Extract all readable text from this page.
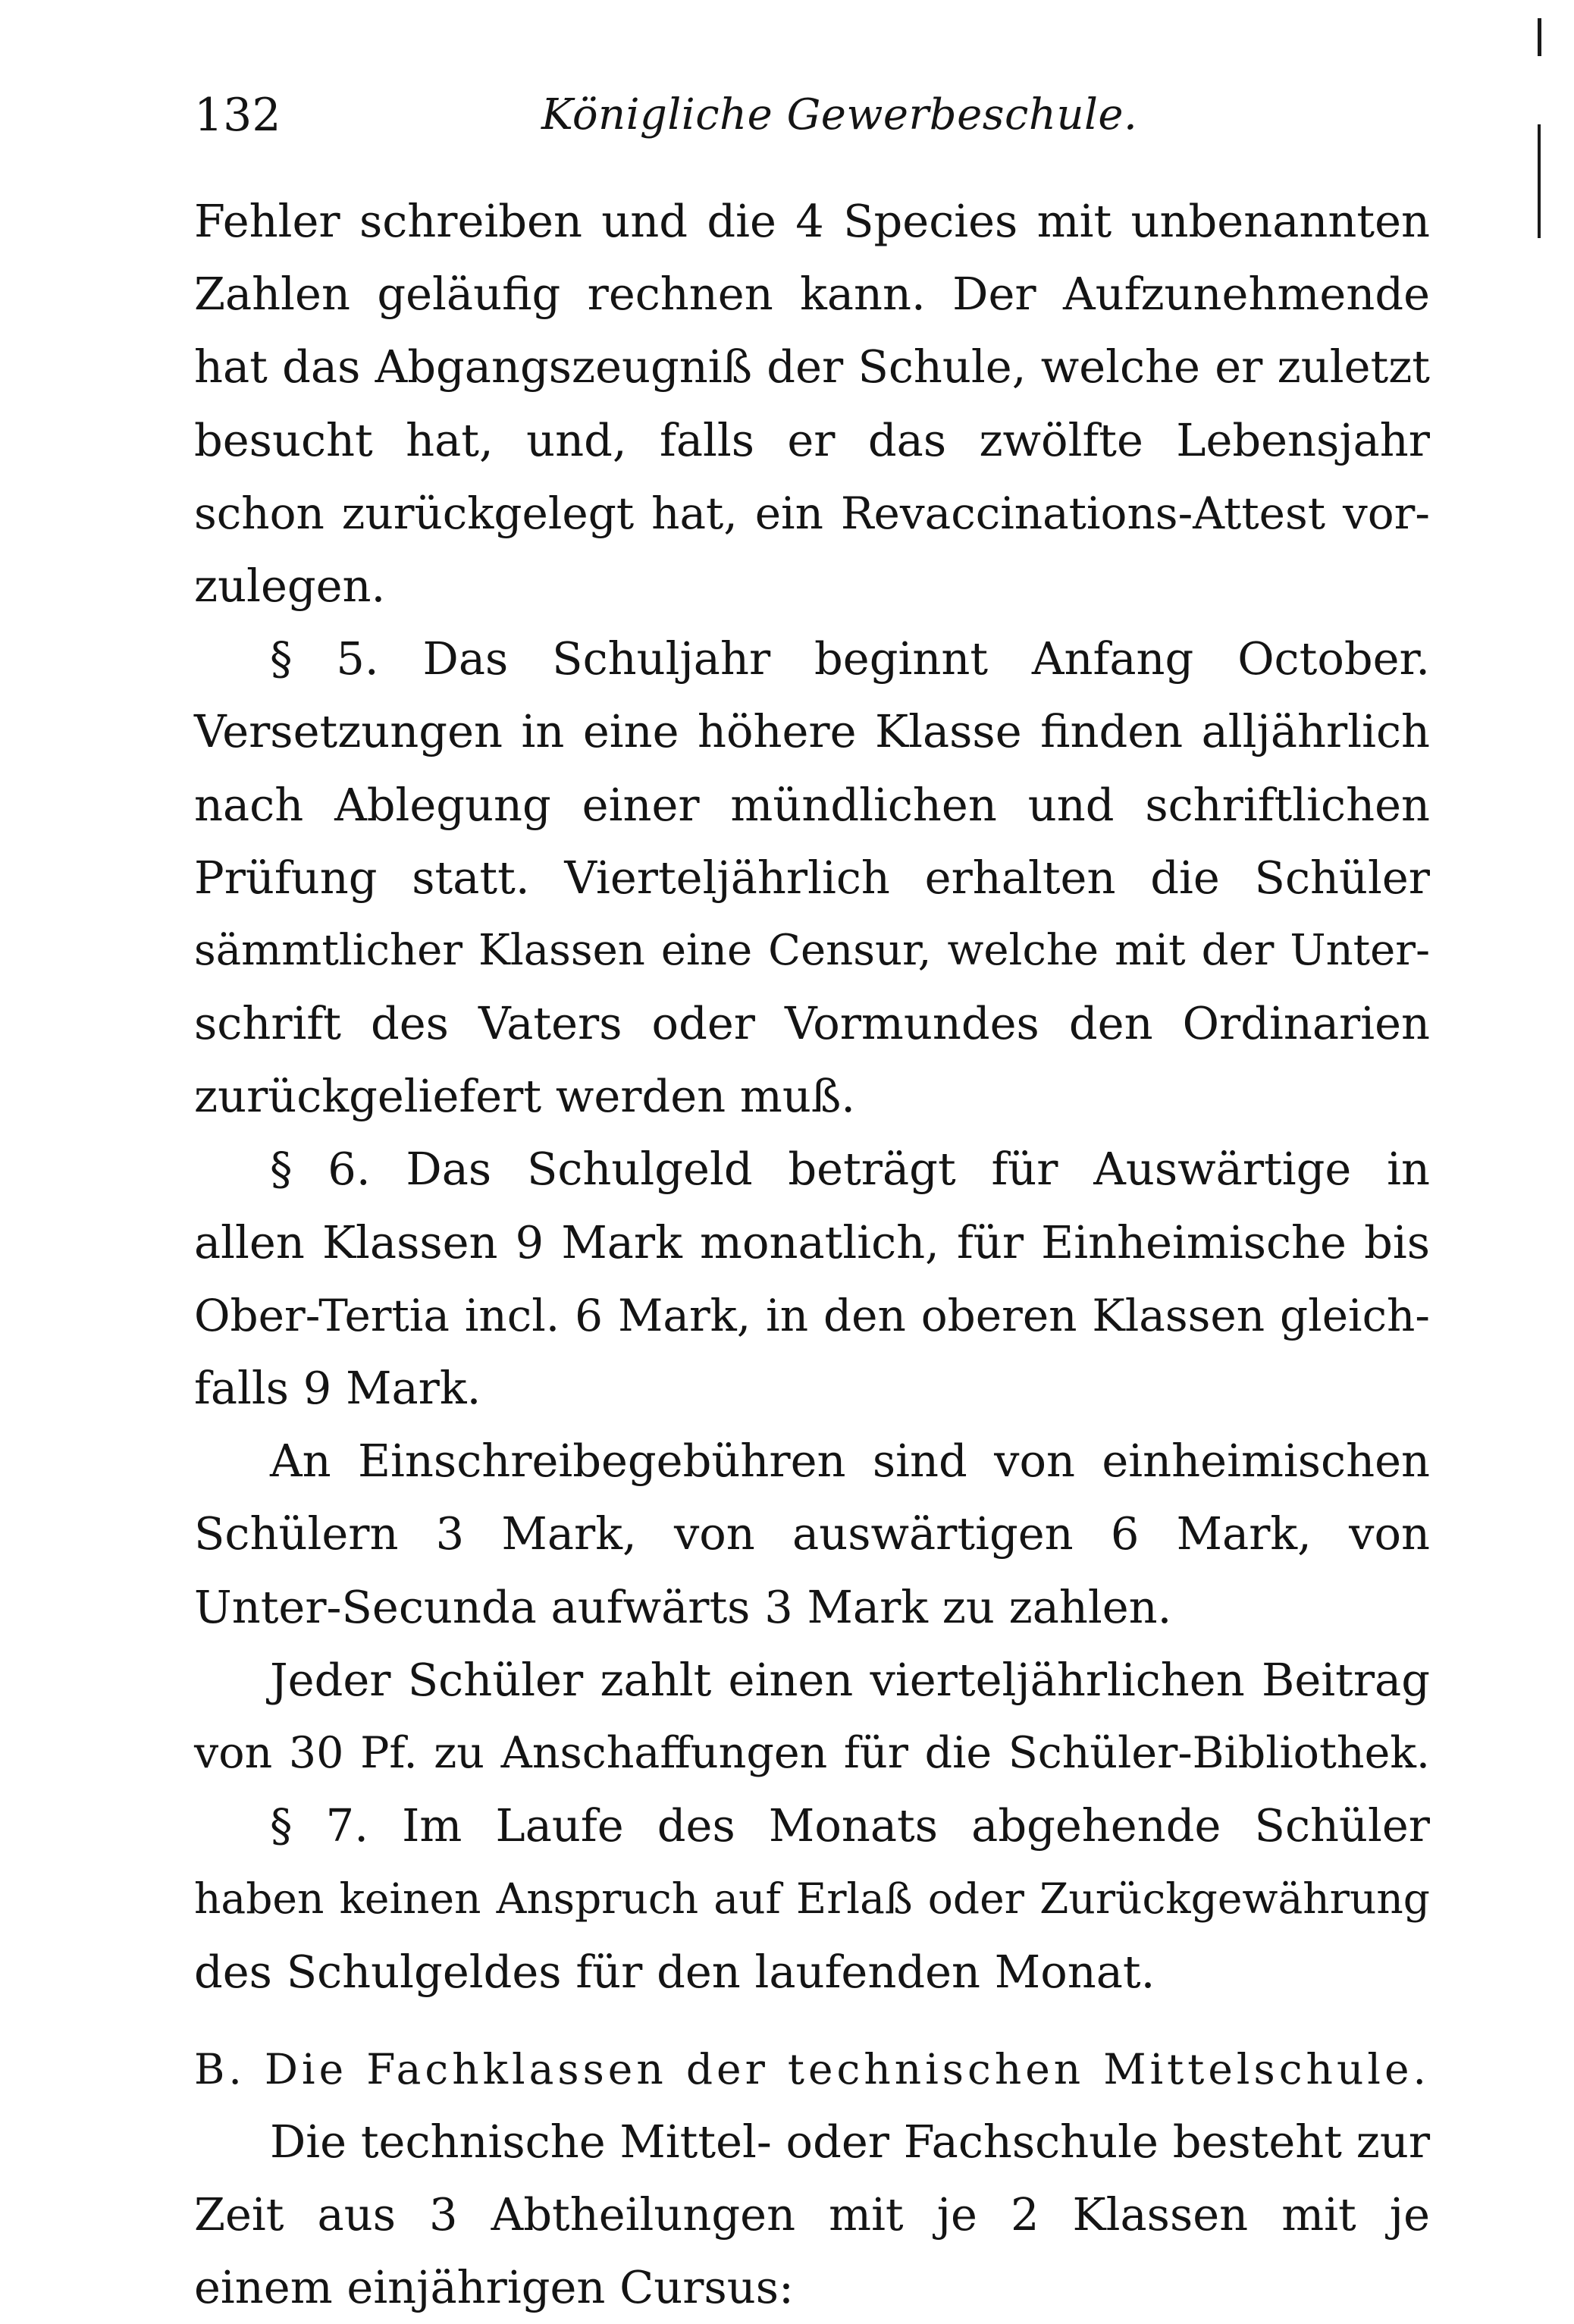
132	Königliche Gewerbeschule.
Fehler schreiben und die 4 Species mit unbenannten
Zahlen geläufig rechnen kann. Der Aufzunehmende
hat das Abgangszeugniß der Schule, welche er zuletzt
besucht hat, und, falls er das zwölfte Lebensjahr
schon zurückgelegt hat, ein Revaccinations-Attest vor-
zulegen.
§ 5. Das Schuljahr beginnt Anfang October.
Versetzungen in eine höhere Klasse finden alljährlich
nach Ablegung einer mündlichen und schriftlichen
Prüfung statt. Vierteljährlich erhalten die Schüler
sämmtlicher Klassen eine Censur, welche mit der Unter-
schrift des Vaters oder Vormundes den Ordinarien
zurückgeliefert werden muß.
§ 6. Das Schulgeld beträgt für Auswärtige in
allen Klassen 9 Mark monatlich, für Einheimische bis
Ober-Tertia incl. 6 Mark, in den oberen Klassen gleich-
falls 9 Mark.
An Einschreibegebühren sind von einheimischen
Schülern 3 Mark, von auswärtigen 6 Mark, von
Unter-Secunda aufwärts 3 Mark zu zahlen.
Jeder Schüler zahlt einen vierteljährlichen Beitrag
von 30 Pf. zu Anschaffungen für die Schüler-Bibliothek.
§ 7. Im Laufe des Monats abgehende Schüler
haben keinen Anspruch auf Erlaß oder Zurückgewährung
des Schulgeldes für den laufenden Monat.
B. Die Fachklassen der technischen Mittelschule.
Die technische Mittel- oder Fachschule besteht zur
Zeit aus 3 Abtheilungen mit je 2 Klassen mit je
einem einjährigen Cursus:
